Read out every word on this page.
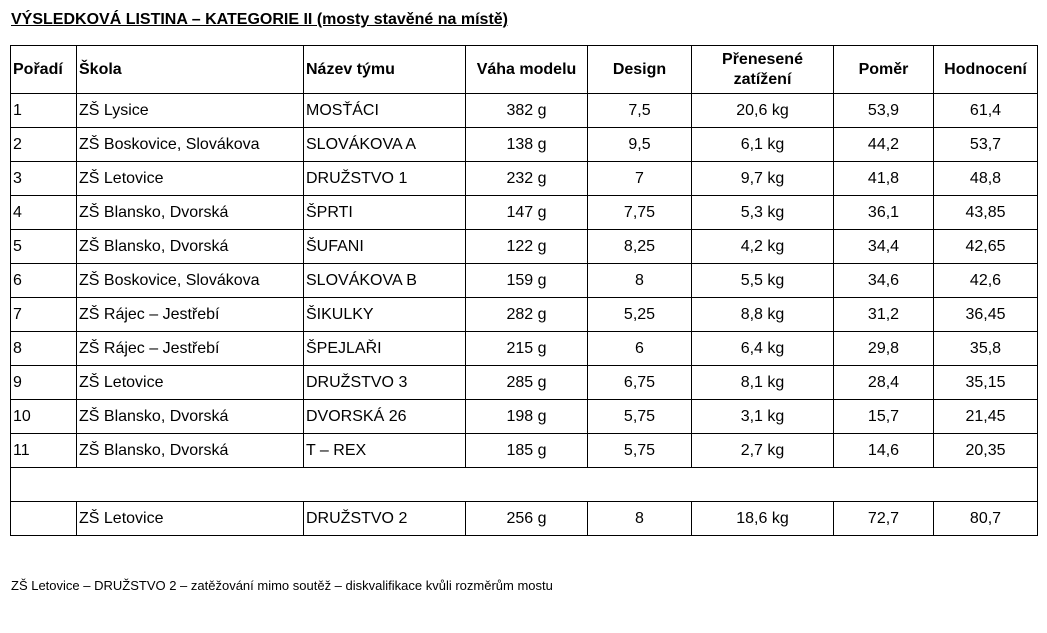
VÝSLEDKOVÁ LISTINA – KATEGORIE II (mosty stavěné na místě)
Pořadí	Škola	Název týmu	Váha modelu	Design	Přenesené zatížení	Poměr	Hodnocení
1	ZŠ Lysice	MOSŤÁCI	382 g	7,5	20,6 kg	53,9	61,4
2	ZŠ Boskovice, Slovákova	SLOVÁKOVA A	138 g	9,5	6,1 kg	44,2	53,7
3	ZŠ Letovice	DRUŽSTVO 1	232 g	7	9,7 kg	41,8	48,8
4	ZŠ Blansko, Dvorská	ŠPRTI	147 g	7,75	5,3 kg	36,1	43,85
5	ZŠ Blansko, Dvorská	ŠUFANI	122 g	8,25	4,2 kg	34,4	42,65
6	ZŠ Boskovice, Slovákova	SLOVÁKOVA B	159 g	8	5,5 kg	34,6	42,6
7	ZŠ Rájec – Jestřebí	ŠIKULKY	282 g	5,25	8,8 kg	31,2	36,45
8	ZŠ Rájec – Jestřebí	ŠPEJLAŘI	215 g	6	6,4 kg	29,8	35,8
9	ZŠ Letovice	DRUŽSTVO 3	285 g	6,75	8,1 kg	28,4	35,15
10	ZŠ Blansko, Dvorská	DVORSKÁ 26	198 g	5,75	3,1 kg	15,7	21,45
11	ZŠ Blansko, Dvorská	T – REX	185 g	5,75	2,7 kg	14,6	20,35

	ZŠ Letovice	DRUŽSTVO 2	256 g	8	18,6 kg	72,7	80,7
ZŠ Letovice – DRUŽSTVO 2 – zatěžování mimo soutěž – diskvalifikace kvůli rozměrům mostu
